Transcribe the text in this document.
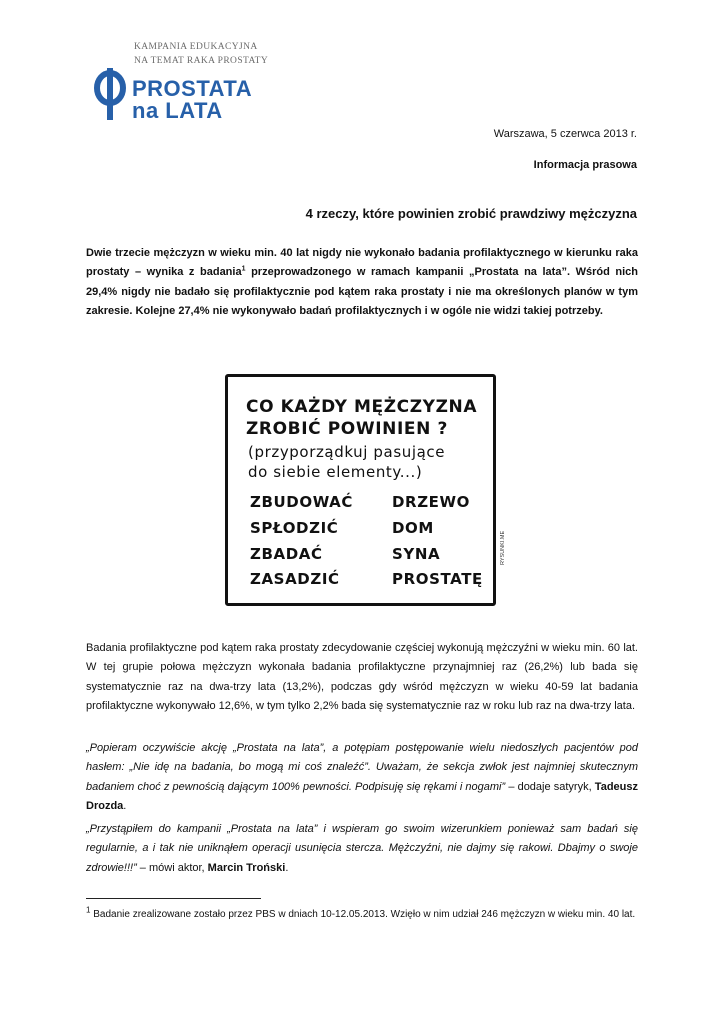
KAMPANIA EDUKACYJNA
NA TEMAT RAKA PROSTATY
PROSTATA
na LATA
Warszawa, 5 czerwca 2013 r.
Informacja prasowa
4 rzeczy, które powinien zrobić prawdziwy mężczyzna

Dwie trzecie mężczyzn w wieku min. 40 lat nigdy nie wykonało badania profilaktycznego w kierunku raka prostaty – wynika z badania$^1$ przeprowadzonego w ramach kampanii „Prostata na lata”. Wśród nich 29,4% nigdy nie badało się profilaktycznie pod kątem raka prostaty i nie ma określonych planów w tym zakresie. Kolejne 27,4% nie wykonywało badań profilaktycznych i w ogóle nie widzi takiej potrzeby.

CO KAŻDY MĘŻCZYZNA
ZROBIĆ POWINIEN ?
(przyporządkuj pasujące
do siebie elementy...)
ZBUDOWAĆ
SPŁODZIĆ
ZBADAĆ
ZASADZIĆ
DRZEWO
DOM
SYNA
PROSTATĘ
RYSUNKI.ME

Badania profilaktyczne pod kątem raka prostaty zdecydowanie częściej wykonują mężczyźni w wieku min. 60 lat. W tej grupie połowa mężczyzn wykonała badania profilaktyczne przynajmniej raz (26,2%) lub bada się systematycznie raz na dwa-trzy lata (13,2%), podczas gdy wśród mężczyzn w wieku 40-59 lat badania profilaktyczne wykonywało 12,6%, w tym tylko 2,2% bada się systematycznie raz w roku lub raz na dwa-trzy lata.

„Popieram oczywiście akcję „Prostata na lata”, a potępiam postępowanie wielu niedoszłych pacjentów pod hasłem: „Nie idę na badania, bo mogą mi coś znaleźć”. Uważam, że sekcja zwłok jest najmniej skutecznym badaniem choć z pewnością dającym 100% pewności. Podpisuję się rękami i nogami” – dodaje satyryk, Tadeusz Drozda.

„Przystąpiłem do kampanii „Prostata na lata” i wspieram go swoim wizerunkiem ponieważ sam badań się regularnie, a i tak nie uniknąłem operacji usunięcia stercza. Mężczyźni, nie dajmy się rakowi. Dbajmy o swoje zdrowie!!!” – mówi aktor, Marcin Troński.

$^1$ Badanie zrealizowane zostało przez PBS w dniach 10-12.05.2013. Wzięło w nim udział 246 mężczyzn w wieku min. 40 lat.
